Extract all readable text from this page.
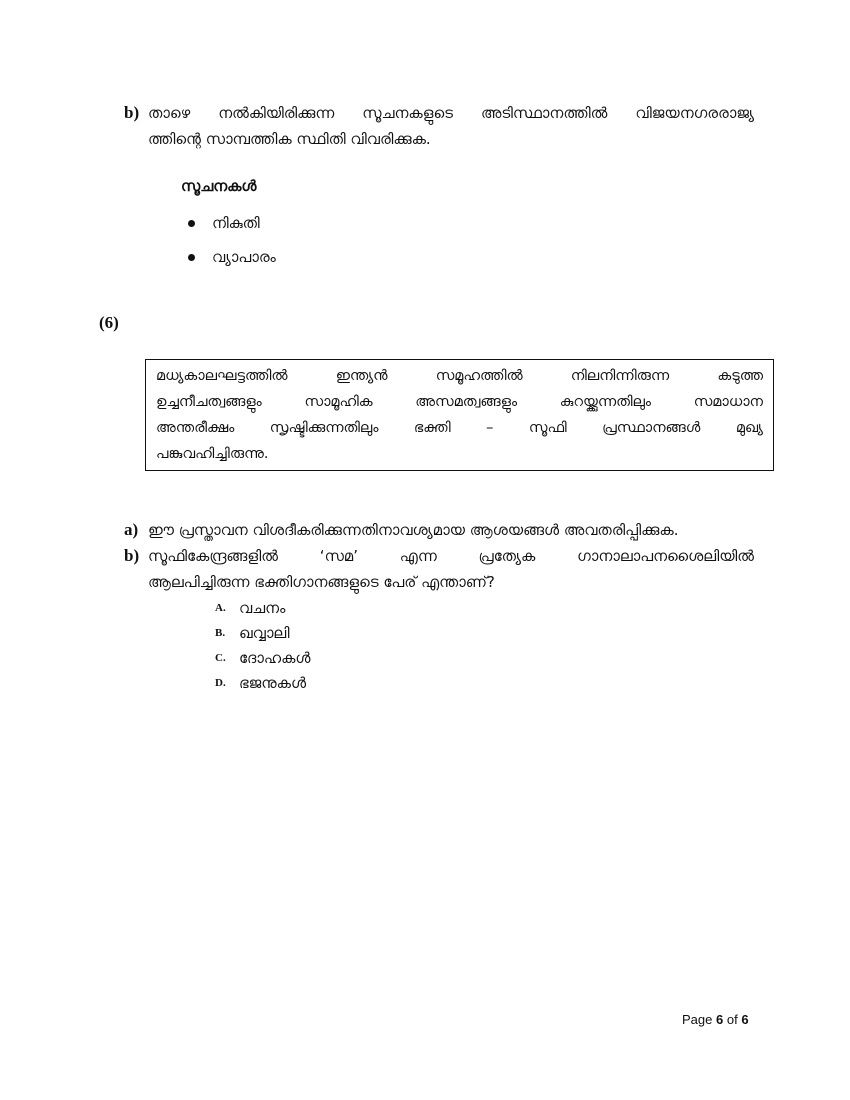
b) താഴെ നൽകിയിരിക്കുന്ന സൂചനകളുടെ അടിസ്ഥാനത്തിൽ വിജയനഗരരാജ്യ
ത്തിന്റെ സാമ്പത്തിക സ്ഥിതി വിവരിക്കുക.
സൂചനകൾ
നികുതി
വ്യാപാരം
(6)
മധ്യകാലഘട്ടത്തിൽ ഇന്ത്യൻ സമൂഹത്തിൽ നിലനിന്നിരുന്ന കടുത്ത
ഉച്ചനീചത്വങ്ങളും സാമൂഹിക അസമത്വങ്ങളും കുറയ്ക്കുന്നതിലും സമാധാന
അന്തരീക്ഷം സൃഷ്ടിക്കുന്നതിലും ഭക്തി – സൂഫി പ്രസ്ഥാനങ്ങൾ മുഖ്യ
പങ്കുവഹിച്ചിരുന്നു.
a) ഈ പ്രസ്താവന വിശദീകരിക്കുന്നതിനാവശ്യമായ ആശയങ്ങൾ അവതരിപ്പിക്കുക.
b) സൂഫികേന്ദ്രങ്ങളിൽ ‘സമ’ എന്ന പ്രത്യേക ഗാനാലാപനശൈലിയിൽ
ആലപിച്ചിരുന്ന ഭക്തിഗാനങ്ങളുടെ പേര് എന്താണ്?
A. വചനം
B. ഖവ്വാലി
C. ദോഹകൾ
D. ഭജനുകൾ
Page 6 of 6
